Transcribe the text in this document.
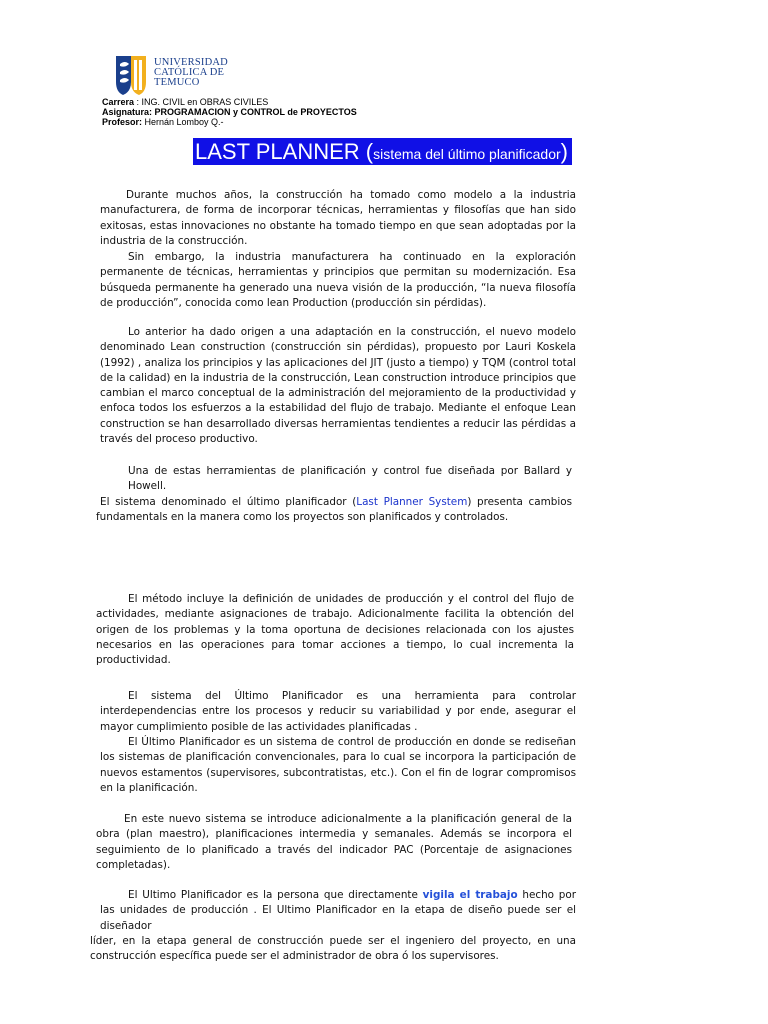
UNIVERSIDAD
CATÓLICA DE
TEMUCO
Carrera : ING. CIVIL en OBRAS CIVILES
Asignatura: PROGRAMACION y CONTROL de PROYECTOS
Profesor: Hernán Lomboy Q.-
LAST PLANNER (sistema del último planificador)

Durante muchos años, la construcción ha tomado como modelo a la industria manufacturera, de forma de incorporar técnicas, herramientas y filosofías que han sido exitosas, estas innovaciones no obstante ha tomado tiempo en que sean adoptadas por la industria de la construcción.

Sin embargo, la industria manufacturera ha continuado en la exploración permanente de técnicas, herramientas y principios que permitan su modernización. Esa búsqueda permanente ha generado una nueva visión de la producción, “la nueva filosofía de producción”, conocida como lean Production (producción sin pérdidas).

Lo anterior ha dado origen a una adaptación en la construcción, el nuevo modelo denominado Lean construction (construcción sin pérdidas), propuesto por Lauri Koskela (1992) , analiza los principios y las aplicaciones del JIT (justo a tiempo) y TQM (control total de la calidad) en la industria de la construcción, Lean construction introduce principios que cambian el marco conceptual de la administración del mejoramiento de la productividad y enfoca todos los esfuerzos a la estabilidad del flujo de trabajo. Mediante el enfoque Lean construction se han desarrollado diversas herramientas tendientes a reducir las pérdidas a través del proceso productivo.

Una de estas herramientas de planificación y control fue diseñada por Ballard y Howell.
El sistema denominado el último planificador (Last Planner System) presenta cambios fundamentals en la manera como los proyectos son planificados y controlados.

El método incluye la definición de unidades de producción y el control del flujo de actividades, mediante asignaciones de trabajo. Adicionalmente facilita la obtención del origen de los problemas y la toma oportuna de decisiones relacionada con los ajustes necesarios en las operaciones para tomar acciones a tiempo, lo cual incrementa la productividad.

El sistema del Último Planificador es una herramienta para controlar interdependencias entre los procesos y reducir su variabilidad y por ende, asegurar el mayor cumplimiento posible de las actividades planificadas .

El Último Planificador es un sistema de control de producción en donde se rediseñan los sistemas de planificación convencionales, para lo cual se incorpora la participación de nuevos estamentos (supervisores, subcontratistas, etc.). Con el fin de lograr compromisos en la planificación.

En este nuevo sistema se introduce adicionalmente a la planificación general de la obra (plan maestro), planificaciones intermedia y semanales. Además se incorpora el seguimiento de lo planificado a través del indicador PAC (Porcentaje de asignaciones completadas).

El Ultimo Planificador es la persona que directamente vigila el trabajo hecho por las unidades de producción . El Ultimo Planificador en la etapa de diseño puede ser el diseñador

líder, en la etapa general de construcción puede ser el ingeniero del proyecto, en una construcción específica puede ser el administrador de obra ó los supervisores.
